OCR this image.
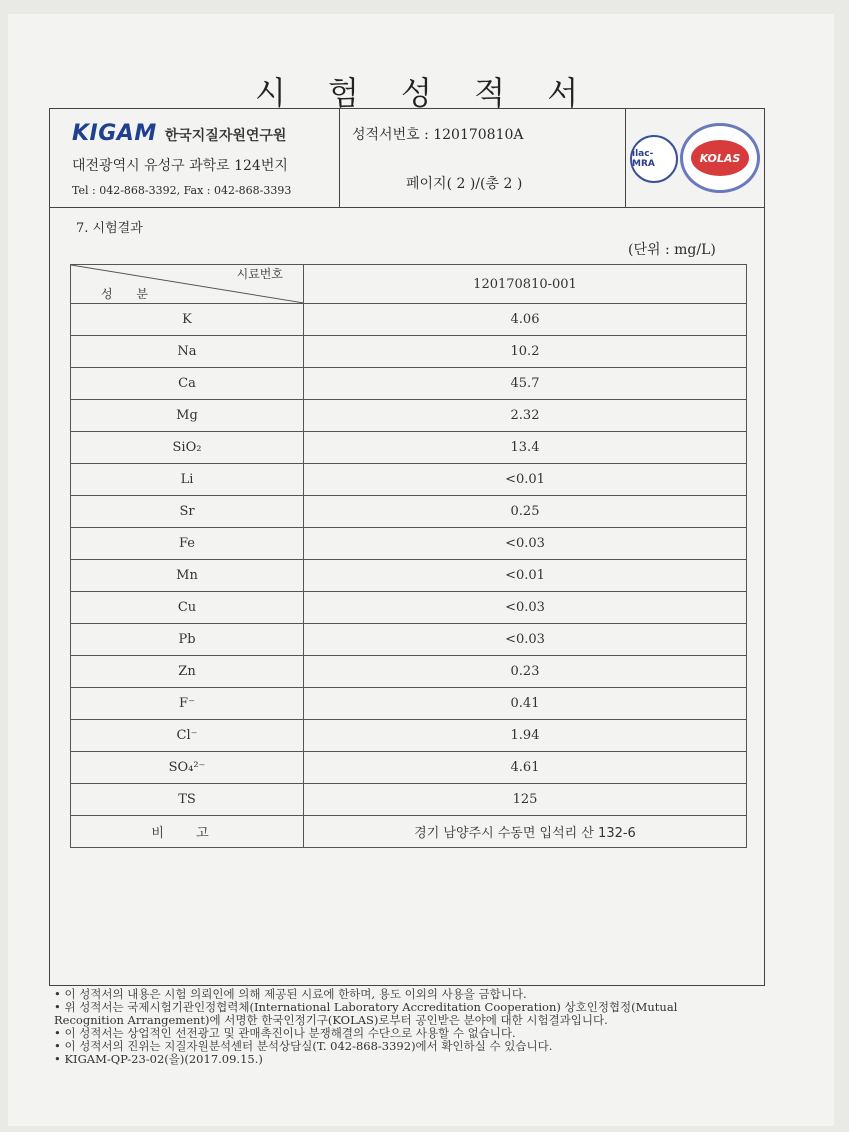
시 험 성 적 서
KIGAM 한국지질자원연구원
대전광역시 유성구 과학로 124번지
Tel : 042-868-3392, Fax : 042-868-3393
성적서번호 : 120170810A
페이지( 2 )/(총 2 )
ilac-MRA	KOLAS
7. 시험결과
(단위 : mg/L)
시료번호
성 분	120170810-001
K	4.06
Na	10.2
Ca	45.7
Mg	2.32
SiO₂	13.4
Li	<0.01
Sr	0.25
Fe	<0.03
Mn	<0.01
Cu	<0.03
Pb	<0.03
Zn	0.23
F⁻	0.41
Cl⁻	1.94
SO₄²⁻	4.61
TS	125
비 고	경기 남양주시 수동면 입석리 산 132-6
• 이 성적서의 내용은 시험 의뢰인에 의해 제공된 시료에 한하며, 용도 이외의 사용을 금합니다.
• 위 성적서는 국제시험기관인정협력체(International Laboratory Accreditation Cooperation) 상호인정협정(Mutual
Recognition Arrangement)에 서명한 한국인정기구(KOLAS)로부터 공인받은 분야에 대한 시험결과입니다.
• 이 성적서는 상업적인 선전광고 및 관매촉진이나 분쟁해결의 수단으로 사용할 수 없습니다.
• 이 성적서의 진위는 지질자원분석센터 분석상담실(T. 042-868-3392)에서 확인하실 수 있습니다.
• KIGAM-QP-23-02(을)(2017.09.15.)
